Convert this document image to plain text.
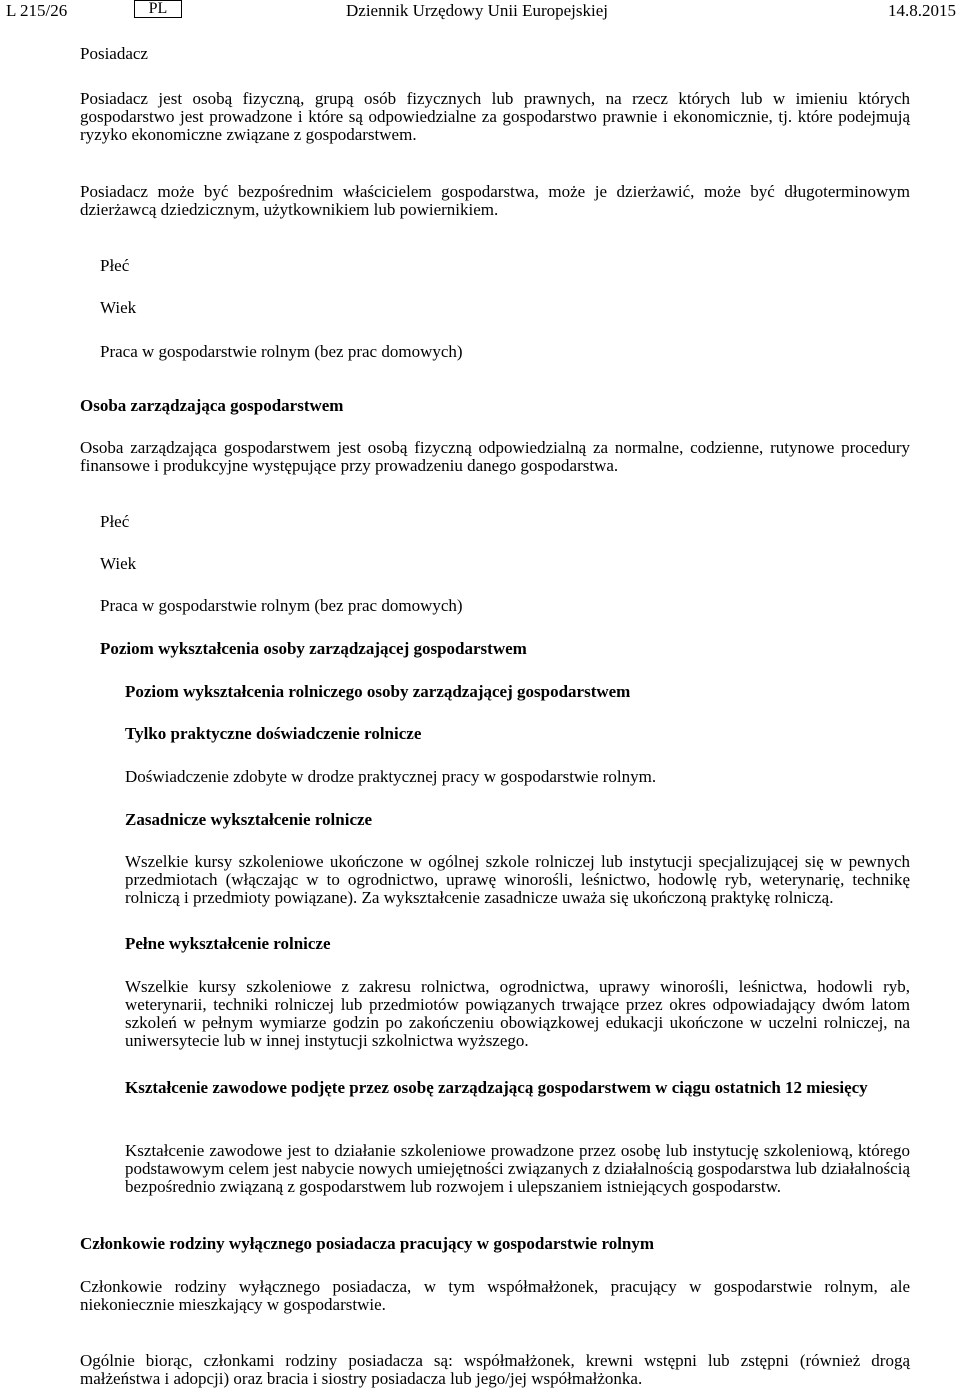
L 215/26	PL	Dziennik Urzędowy Unii Europejskiej	14.8.2015

Posiadacz

Posiadacz jest osobą fizyczną, grupą osób fizycznych lub prawnych, na rzecz których lub w imieniu których gospodarstwo jest prowadzone i które są odpowiedzialne za gospodarstwo prawnie i ekonomicznie, tj. które podejmują ryzyko ekonomiczne związane z gospodarstwem.

Posiadacz może być bezpośrednim właścicielem gospodarstwa, może je dzierżawić, może być długoterminowym dzierżawcą dziedzicznym, użytkownikiem lub powiernikiem.

Płeć

Wiek

Praca w gospodarstwie rolnym (bez prac domowych)

Osoba zarządzająca gospodarstwem

Osoba zarządzająca gospodarstwem jest osobą fizyczną odpowiedzialną za normalne, codzienne, rutynowe procedury finansowe i produkcyjne występujące przy prowadzeniu danego gospodarstwa.

Płeć

Wiek

Praca w gospodarstwie rolnym (bez prac domowych)

Poziom wykształcenia osoby zarządzającej gospodarstwem

Poziom wykształcenia rolniczego osoby zarządzającej gospodarstwem

Tylko praktyczne doświadczenie rolnicze

Doświadczenie zdobyte w drodze praktycznej pracy w gospodarstwie rolnym.

Zasadnicze wykształcenie rolnicze

Wszelkie kursy szkoleniowe ukończone w ogólnej szkole rolniczej lub instytucji specjalizującej się w pewnych przedmiotach (włączając w to ogrodnictwo, uprawę winorośli, leśnictwo, hodowlę ryb, weterynarię, technikę rolniczą i przedmioty powiązane). Za wykształcenie zasadnicze uważa się ukończoną praktykę rolniczą.

Pełne wykształcenie rolnicze

Wszelkie kursy szkoleniowe z zakresu rolnictwa, ogrodnictwa, uprawy winorośli, leśnictwa, hodowli ryb, weterynarii, techniki rolniczej lub przedmiotów powiązanych trwające przez okres odpowiadający dwóm latom szkoleń w pełnym wymiarze godzin po zakończeniu obowiązkowej edukacji ukończone w uczelni rolniczej, na uniwersytecie lub w innej instytucji szkolnictwa wyższego.

Kształcenie zawodowe podjęte przez osobę zarządzającą gospodarstwem w ciągu ostatnich 12 miesięcy

Kształcenie zawodowe jest to działanie szkoleniowe prowadzone przez osobę lub instytucję szkoleniową, którego podstawowym celem jest nabycie nowych umiejętności związanych z działalnością gospodarstwa lub działalnością bezpośrednio związaną z gospodarstwem lub rozwojem i ulepszaniem istniejących gospodarstw.

Członkowie rodziny wyłącznego posiadacza pracujący w gospodarstwie rolnym

Członkowie rodziny wyłącznego posiadacza, w tym współmałżonek, pracujący w gospodarstwie rolnym, ale niekoniecznie mieszkający w gospodarstwie.

Ogólnie biorąc, członkami rodziny posiadacza są: współmałżonek, krewni wstępni lub zstępni (również drogą małżeństwa i adopcji) oraz bracia i siostry posiadacza lub jego/jej współmałżonka.
